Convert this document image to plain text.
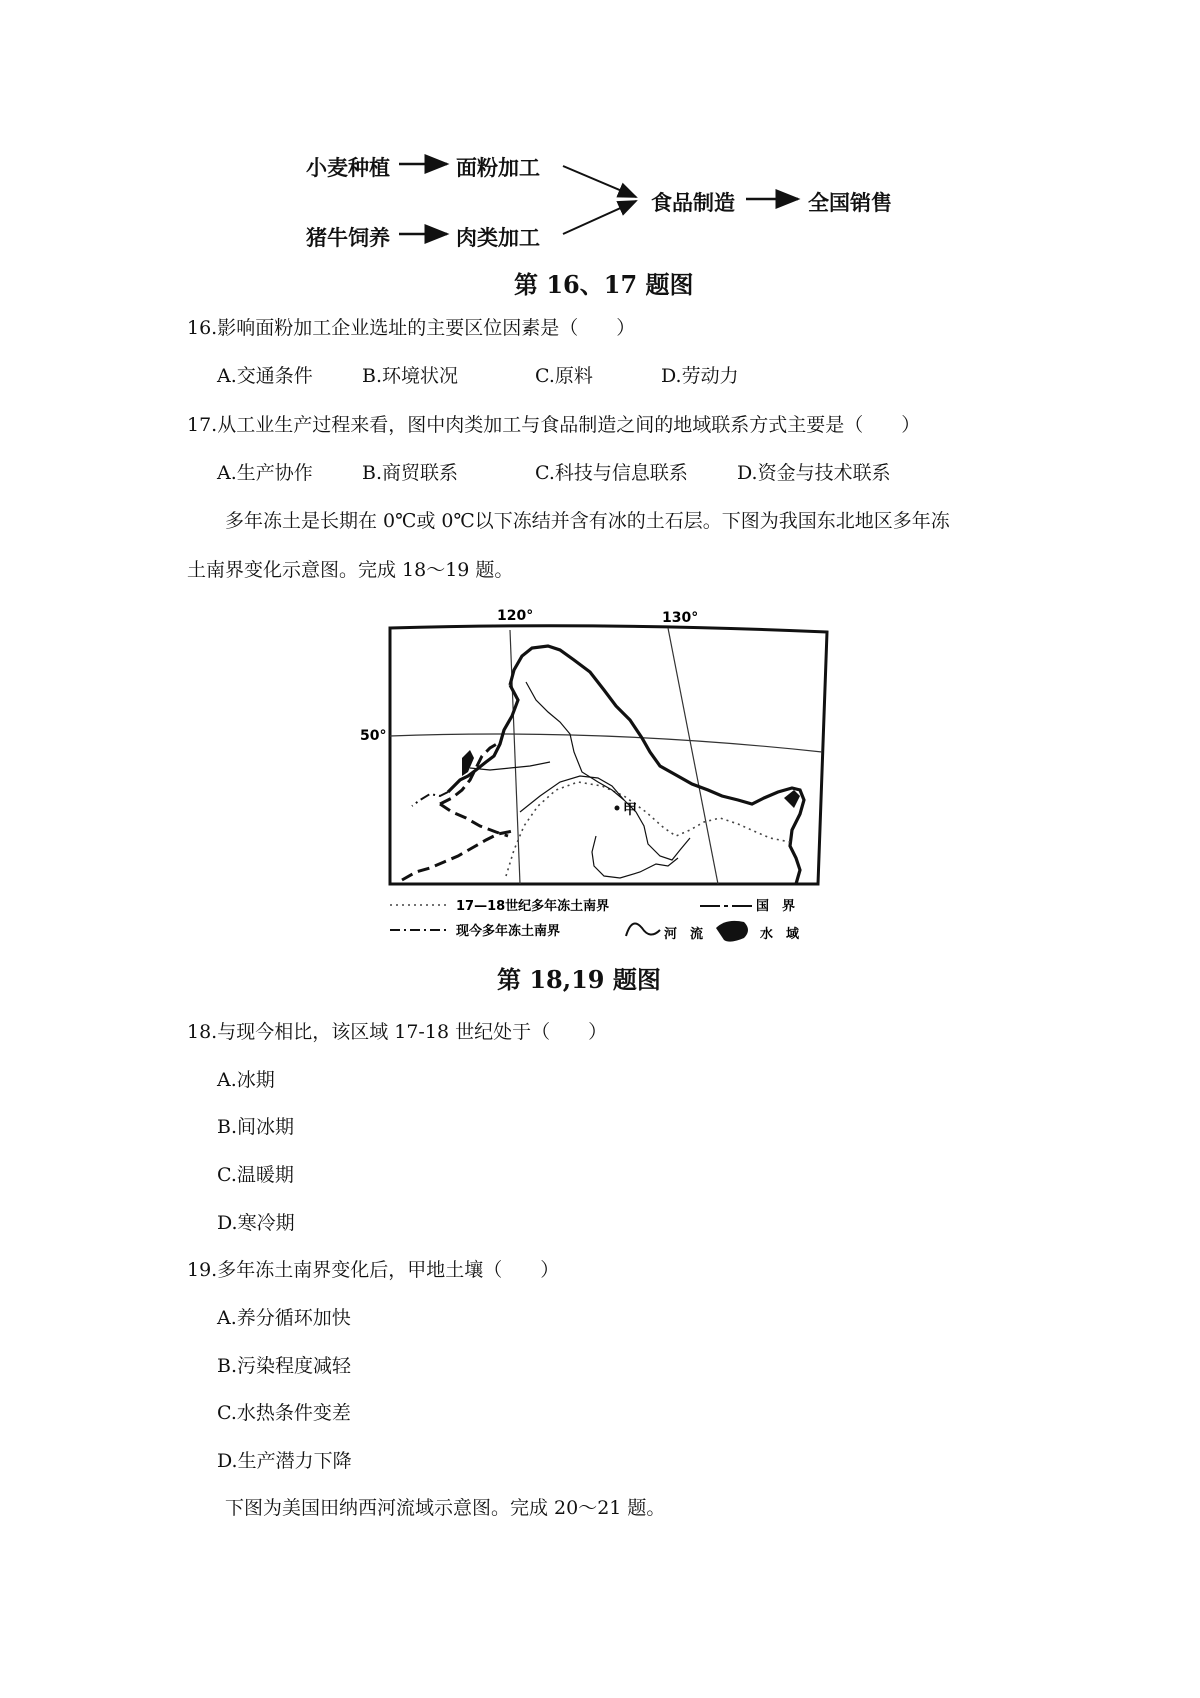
小麦种植	面粉加工
猪牛饲养	肉类加工
食品制造	全国销售
第 16、17 题图
16.影响面粉加工企业选址的主要区位因素是（　　）
A.交通条件	B.环境状况	C.原料	D.劳动力
17.从工业生产过程来看，图中肉类加工与食品制造之间的地域联系方式主要是（　　）
A.生产协作	B.商贸联系	C.科技与信息联系	D.资金与技术联系
多年冻土是长期在 0℃或 0℃以下冻结并含有冰的土石层。下图为我国东北地区多年冻
土南界变化示意图。完成 18～19 题。
120°	130°
50°
甲
17—18世纪多年冻土南界	国　界
现今多年冻土南界	河　流	水　域
第 18,19 题图
18.与现今相比，该区域 17-18 世纪处于（　　）
A.冰期
B.间冰期
C.温暖期
D.寒冷期
19.多年冻土南界变化后，甲地土壤（　　）
A.养分循环加快
B.污染程度减轻
C.水热条件变差
D.生产潜力下降
下图为美国田纳西河流域示意图。完成 20～21 题。
